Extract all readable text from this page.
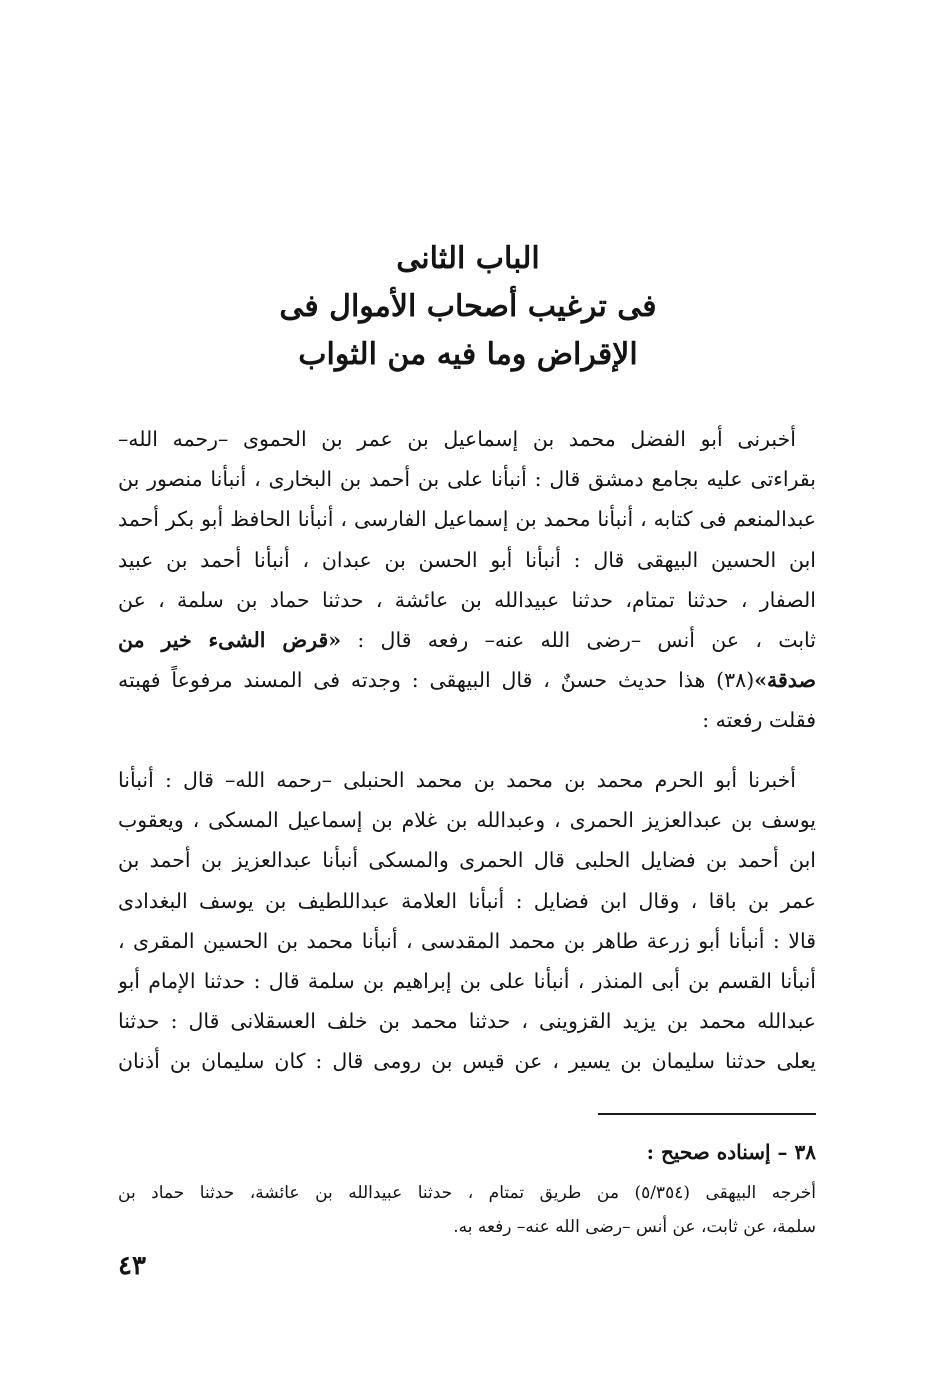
الباب الثانى
فى ترغيب أصحاب الأموال فى
الإقراض وما فيه من الثواب
أخبرنى أبو الفضل محمد بن إسماعيل بن عمر بن الحموى –رحمه الله–
بقراءتى عليه بجامع دمشق قال : أنبأنا على بن أحمد بن البخارى ، أنبأنا منصور بن
عبدالمنعم فى كتابه ، أنبأنا محمد بن إسماعيل الفارسى ، أنبأنا الحافظ أبو بكر أحمد
ابن الحسين البيهقى قال : أنبأنا أبو الحسن بن عبدان ، أنبأنا أحمد بن عبيد
الصفار ، حدثنا تمتام، حدثنا عبيدالله بن عائشة ، حدثنا حماد بن سلمة ، عن
ثابت ، عن أنس –رضى الله عنه– رفعه قال : «قرض الشىء خير من
صدقة»(٣٨) هذا حديث حسنٌ ، قال البيهقى : وجدته فى المسند مرفوعاً فهبته
فقلت رفعته :
أخبرنا أبو الحرم محمد بن محمد بن محمد الحنبلى –رحمه الله– قال : أنبأنا
يوسف بن عبدالعزيز الحمرى ، وعبدالله بن غلام بن إسماعيل المسكى ، ويعقوب
ابن أحمد بن فضايل الحلبى قال الحمرى والمسكى أنبأنا عبدالعزيز بن أحمد بن
عمر بن باقا ، وقال ابن فضايل : أنبأنا العلامة عبداللطيف بن يوسف البغدادى
قالا : أنبأنا أبو زرعة طاهر بن محمد المقدسى ، أنبأنا محمد بن الحسين المقرى ،
أنبأنا القسم بن أبى المنذر ، أنبأنا على بن إبراهيم بن سلمة قال : حدثنا الإمام أبو
عبدالله محمد بن يزيد القزوينى ، حدثنا محمد بن خلف العسقلانى قال : حدثنا
يعلى حدثنا سليمان بن يسير ، عن قيس بن رومى قال : كان سليمان بن أذنان
٣٨ – إسناده صحيح :
أخرجه البيهقى (٥/٣٥٤) من طريق تمتام ، حدثنا عبيدالله بن عائشة، حدثنا حماد بن
سلمة، عن ثابت، عن أنس –رضى الله عنه– رفعه به.
٤٣
